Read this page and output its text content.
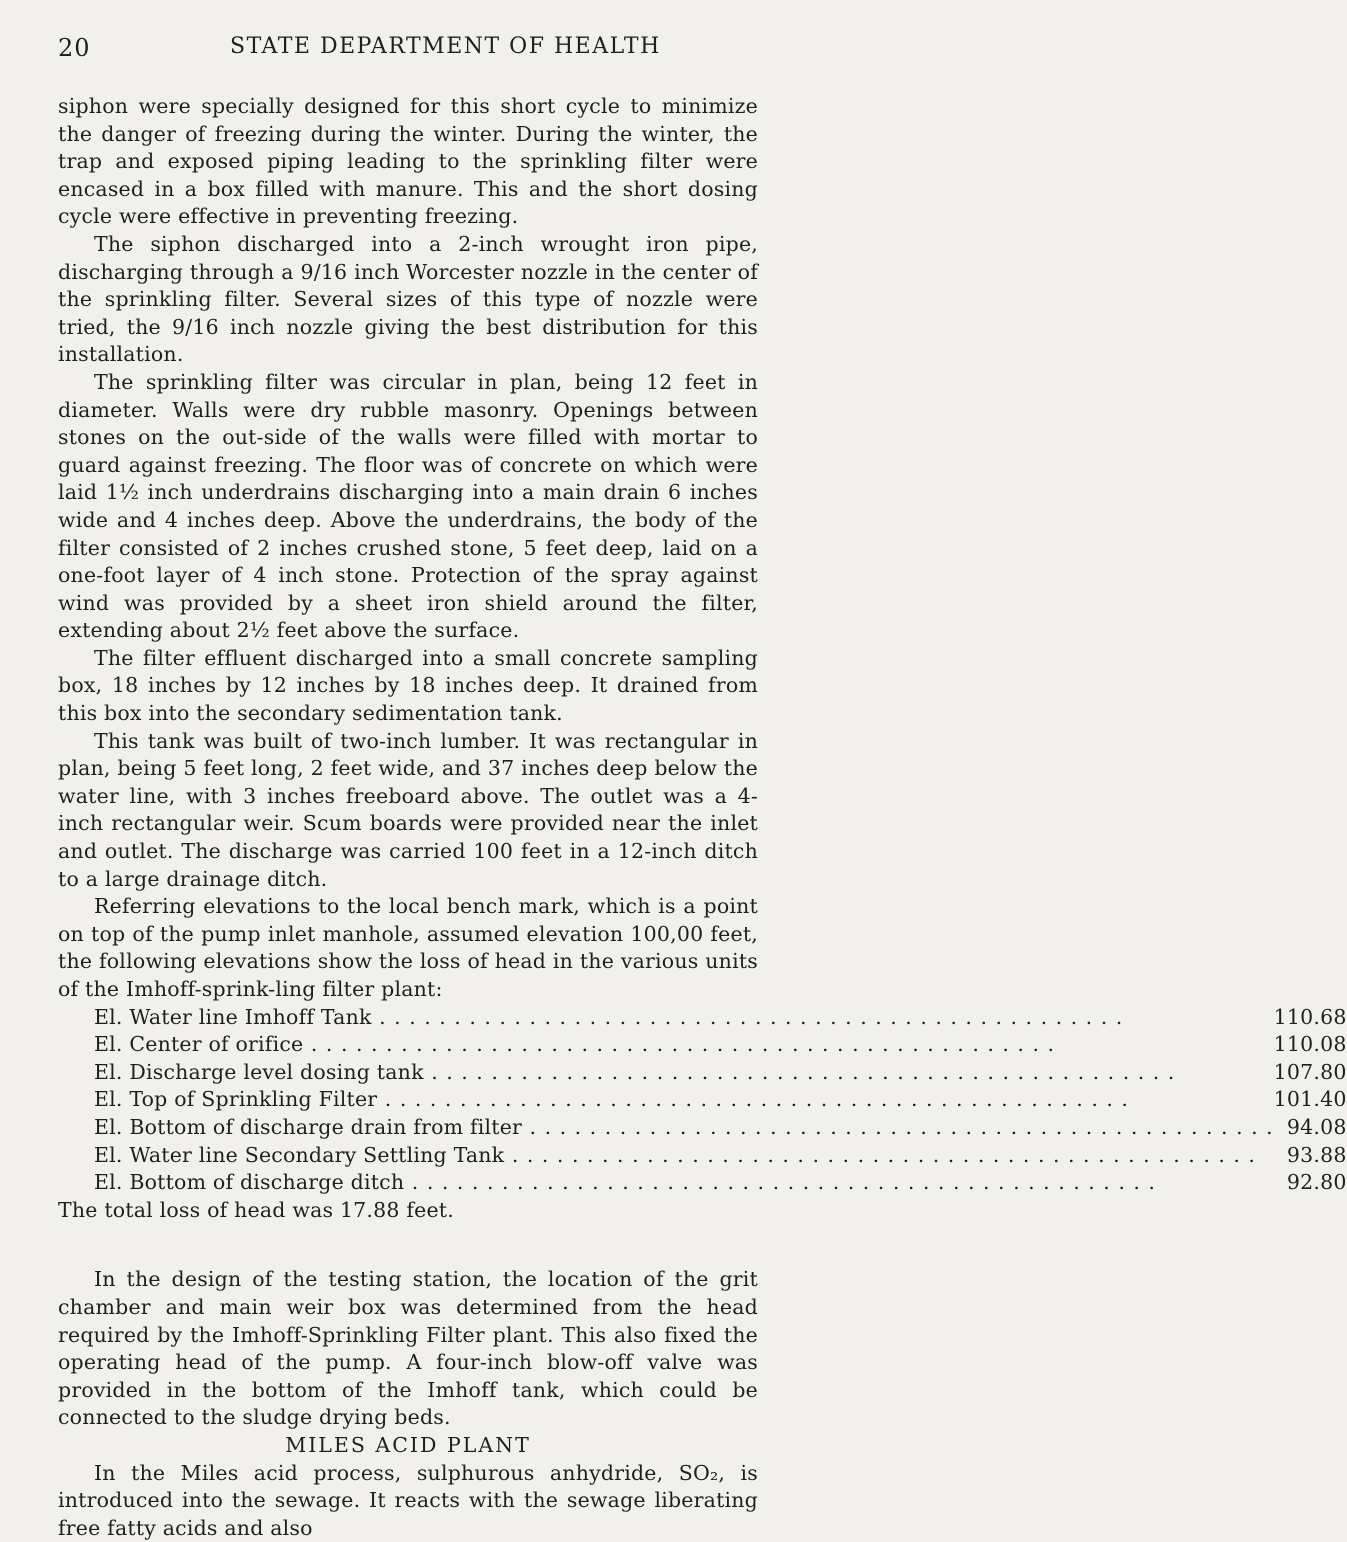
20	STATE DEPARTMENT OF HEALTH

siphon were specially designed for this short cycle to minimize the danger of freezing during the winter. During the winter, the trap and exposed piping leading to the sprinkling filter were encased in a box filled with manure. This and the short dosing cycle were effective in preventing freezing.

The siphon discharged into a 2-inch wrought iron pipe, discharging through a 9/16 inch Worcester nozzle in the center of the sprinkling filter. Several sizes of this type of nozzle were tried, the 9/16 inch nozzle giving the best distribution for this installation.

The sprinkling filter was circular in plan, being 12 feet in diameter. Walls were dry rubble masonry. Openings between stones on the out-side of the walls were filled with mortar to guard against freezing. The floor was of concrete on which were laid 1½ inch underdrains discharging into a main drain 6 inches wide and 4 inches deep. Above the underdrains, the body of the filter consisted of 2 inches crushed stone, 5 feet deep, laid on a one-foot layer of 4 inch stone. Protection of the spray against wind was provided by a sheet iron shield around the filter, extending about 2½ feet above the surface.

The filter effluent discharged into a small concrete sampling box, 18 inches by 12 inches by 18 inches deep. It drained from this box into the secondary sedimentation tank.

This tank was built of two-inch lumber. It was rectangular in plan, being 5 feet long, 2 feet wide, and 37 inches deep below the water line, with 3 inches freeboard above. The outlet was a 4-inch rectangular weir. Scum boards were provided near the inlet and outlet. The discharge was carried 100 feet in a 12-inch ditch to a large drainage ditch.

Referring elevations to the local bench mark, which is a point on top of the pump inlet manhole, assumed elevation 100,00 feet, the following elevations show the loss of head in the various units of the Imhoff-sprink-ling filter plant:

El. Water line Imhoff Tank . . .	110.68
El. Center of orifice . . .	110.08
El. Discharge level dosing tank . . .	107.80
El. Top of Sprinkling Filter . . .	101.40
El. Bottom of discharge drain from filter . . .	94.08
El. Water line Secondary Settling Tank . . .	93.88
El. Bottom of discharge ditch . . .	92.80

The total loss of head was 17.88 feet.

In the design of the testing station, the location of the grit chamber and main weir box was determined from the head required by the Imhoff-Sprinkling Filter plant. This also fixed the operating head of the pump. A four-inch blow-off valve was provided in the bottom of the Imhoff tank, which could be connected to the sludge drying beds.

MILES ACID PLANT

In the Miles acid process, sulphurous anhydride, SO₂, is introduced into the sewage. It reacts with the sewage liberating free fatty acids and also
